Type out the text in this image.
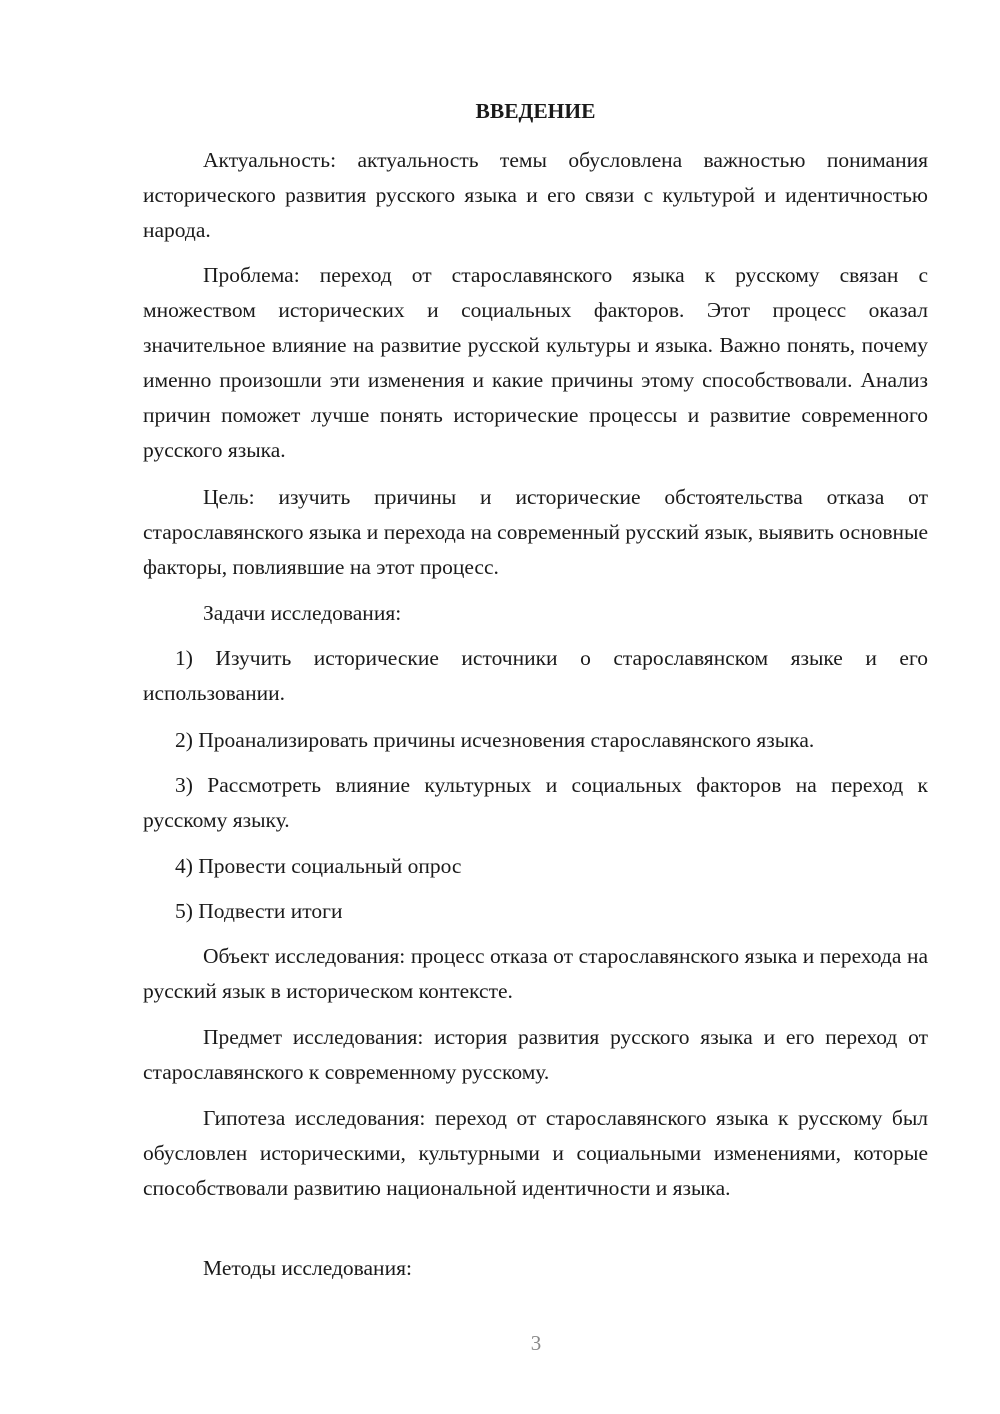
ВВЕДЕНИЕ

Актуальность: актуальность темы обусловлена важностью понимания исторического развития русского языка и его связи с культурой и идентичностью народа.

Проблема: переход от старославянского языка к русскому связан с множеством исторических и социальных факторов. Этот процесс оказал значительное влияние на развитие русской культуры и языка. Важно понять, почему именно произошли эти изменения и какие причины этому способствовали. Анализ причин поможет лучше понять исторические процессы и развитие современного русского языка.

Цель: изучить причины и исторические обстоятельства отказа от старославянского языка и перехода на современный русский язык, выявить основные факторы, повлиявшие на этот процесс.

Задачи исследования:

1) Изучить исторические источники о старославянском языке и его использовании.

2) Проанализировать причины исчезновения старославянского языка.

3) Рассмотреть влияние культурных и социальных факторов на переход к русскому языку.

4) Провести социальный опрос

5) Подвести итоги

Объект исследования: процесс отказа от старославянского языка и перехода на русский язык в историческом контексте.

Предмет исследования: история развития русского языка и его переход от старославянского к современному русскому.

Гипотеза исследования: переход от старославянского языка к русскому был обусловлен историческими, культурными и социальными изменениями, которые способствовали развитию национальной идентичности и языка.

Методы исследования:

3
